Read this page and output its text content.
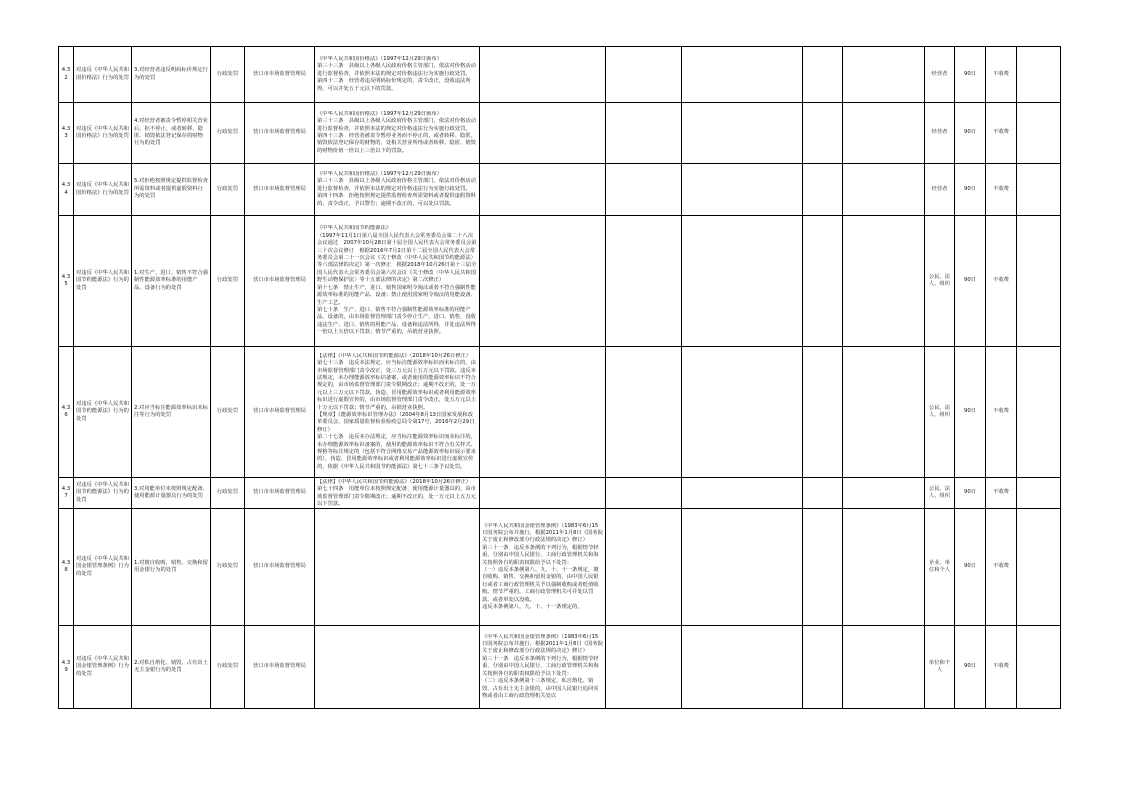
4.32	对违反《中华人民共和国价格法》行为的处罚	3.对经营者违反明码标价规定行为的处罚	行政处罚	营口市市场监督管理局	《中华人民共和国价格法》（1997年12月29日颁布）
第三十三条　县级以上各级人民政府价格主管部门，依法对价格活动进行监督检查，并依照本法的规定对价格违法行为实施行政处罚。
第四十二条　经营者违反明码标价规定的，责令改正，没收违法所得，可以并处五千元以下的罚款。						经营者	90日	不收费	

4.33	对违反《中华人民共和国价格法》行为的处罚	4.对经营者被责令暂停相关营业后，拒不停止，或者转移、隐匿、销毁依法登记保存的财物行为的处罚	行政处罚	营口市市场监督管理局	《中华人民共和国价格法》（1997年12月29日颁布）
第三十三条　县级以上各级人民政府价格主管部门，依法对价格活动进行监督检查，并依照本法的规定对价格违法行为实施行政处罚。
第四十三条　经营者被责令暂停业务而不停止的，或者转移、隐匿、销毁依法登记保存的财物的，处相关营业所得或者转移、隐匿、销毁的财物价值一倍以上三倍以下的罚款。						经营者	90日	不收费	

4.34	对违反《中华人民共和国价格法》行为的处罚	5.对拒绝按照规定提供监督检查所需资料或者提供虚假资料行为的处罚	行政处罚	营口市市场监督管理局	《中华人民共和国价格法》（1997年12月29日颁布）
第三十三条　县级以上各级人民政府价格主管部门，依法对价格活动进行监督检查，并依照本法的规定对价格违法行为实施行政处罚。
第四十四条　拒绝按照规定提供监督检查所需资料或者提供虚假资料的，责令改正，予以警告；逾期不改正的，可以处以罚款。						经营者	90日	不收费	

4.35	对违反《中华人民共和国节约能源法》行为的处罚	1.对生产、进口、销售不符合强制性能源效率标准的用能产品、设备行为的处罚	行政处罚	营口市市场监督管理局	《中华人民共和国节约能源法》
（1997年11月1日第八届全国人民代表大会常务委员会第二十八次会议通过　2007年10月28日第十届全国人民代表大会常务委员会第三十次会议修订　根据2016年7月2日第十二届全国人民代表大会常务委员会第二十一次会议《关于修改〈中华人民共和国节约能源法〉等六部法律的决定》第一次修正　根据2018年10月26日第十三届全国人民代表大会常务委员会第六次会议《关于修改〈中华人民共和国野生动物保护法〉等十五部法律的决定》第二次修正）
第十七条　禁止生产、进口、销售国家明令淘汰或者不符合强制性能源效率标准的用能产品、设备；禁止使用国家明令淘汰的用能设备、生产工艺。
第七十条　生产、进口、销售不符合强制性能源效率标准的用能产品、设备的，由市场监督管理部门责令停止生产、进口、销售，没收违法生产、进口、销售的用能产品、设备和违法所得，并处违法所得一倍以上五倍以下罚款；情节严重的，吊销营业执照。						公民、法人、组织	90日	不收费	

4.36	对违反《中华人民共和国节约能源法》行为的处罚	2.对应当标注能源效率标识未标注等行为的处罚	行政处罚	营口市市场监督管理局	【法律】《中华人民共和国节约能源法》（2018年10月26日修正）
第七十三条　违反本法规定，应当标注能源效率标识而未标注的，由市场监督管理部门责令改正，处三万元以上五万元以下罚款。违反本法规定，未办理能源效率标识备案，或者使用的能源效率标识不符合规定的，由市场监督管理部门责令限期改正；逾期不改正的，处一万元以上三万元以下罚款。伪造、冒用能源效率标识或者利用能源效率标识进行虚假宣传的，由市场监督管理部门责令改正，处五万元以上十万元以下罚款；情节严重的，吊销营业执照。
【规章】《能源效率标识管理办法》（2004年8月13日国家发展和改革委员会、国家质量监督检验检疫总局令第17号，2016年2月29日修订）
第二十七条　违反本办法规定，应当标注能源效率标识而未标注的，未办理能源效率标识备案的，使用的能源效率标识不符合有关样式、规格等标注规定的（包括不符合网络交易产品能源效率标识展示要求的），伪造、冒用能源效率标识或者利用能源效率标识进行虚假宣传的，依据《中华人民共和国节约能源法》第七十三条予以处罚。						公民、法人、组织	90日	不收费	

4.37	对违反《中华人民共和国节约能源法》行为的处罚	3.对用能单位未按照规定配备、使用能源计量器具行为的处罚	行政处罚	营口市市场监督管理局	【法律】《中华人民共和国节约能源法》（2018年10月26日修正）
第七十四条　用能单位未按照规定配备、使用能源计量器具的，由市场监督管理部门责令限期改正；逾期不改正的，处一万元以上五万元以下罚款。						公民、法人、组织	90日	不收费	

4.38	对违反《中华人民共和国金银管理条例》行为的处罚	1.对擅自收购、销售、交换和留用金银行为的处罚	行政处罚	营口市市场监督管理局		《中华人民共和国金银管理条例》（1983年6月15日国务院公布并施行，根据2011年1月8日《国务院关于废止和修改部分行政法规的决定》修订）
第三十一条　违反本条例的下列行为，根据情节轻重，分别由中国人民银行、工商行政管理机关和海关按照各自的职责权限给予以下处罚：
（一）违反本条例第八、九、十、十一条规定，擅自收购、销售、交换和留用金银的，由中国人民银行或者工商行政管理机关予以强制收购或者贬值收购。情节严重的，工商行政管理机关可并处以罚款，或者单处以没收。
违反本条例第八、九、十、十一条规定的，					企业、单位和个人	90日	不收费	

4.39	对违反《中华人民共和国金银管理条例》行为的处罚	2.对私自熔化、销毁、占有出土无主金银行为的处罚	行政处罚	营口市市场监督管理局		《中华人民共和国金银管理条例》（1983年6月15日国务院公布并施行，根据2011年1月8日《国务院关于废止和修改部分行政法规的决定》修订）
第三十一条　违反本条例的下列行为，根据情节轻重，分别由中国人民银行、工商行政管理机关和海关按照各自的职责权限给予以下处罚：
（二）违反本条例第十三条规定，私自熔化、销毁、占有出土无主金银的，由中国人民银行追回实物或者由工商行政管理机关处以					单位和个人	90日	不收费	
